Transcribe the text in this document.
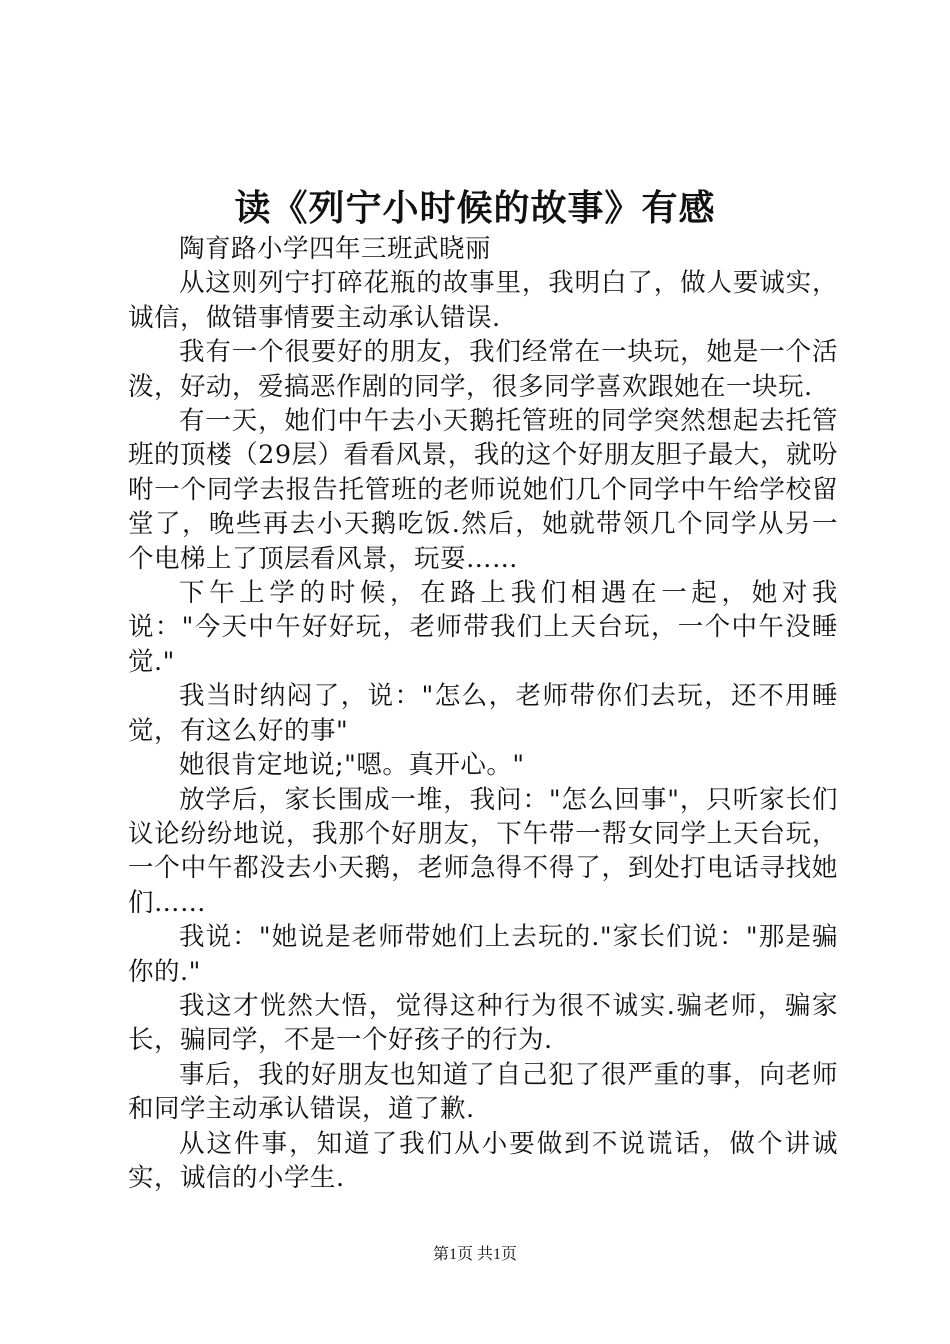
读《列宁小时候的故事》有感

陶育路小学四年三班武晓丽

从这则列宁打碎花瓶的故事里，我明白了，做人要诚实，诚信，做错事情要主动承认错误.

我有一个很要好的朋友，我们经常在一块玩，她是一个活泼，好动，爱搞恶作剧的同学，很多同学喜欢跟她在一块玩.

有一天，她们中午去小天鹅托管班的同学突然想起去托管班的顶楼（29层）看看风景，我的这个好朋友胆子最大，就吩咐一个同学去报告托管班的老师说她们几个同学中午给学校留堂了，晚些再去小天鹅吃饭.然后，她就带领几个同学从另一个电梯上了顶层看风景，玩耍……

下午上学的时候，在路上我们相遇在一起，她对我说："今天中午好好玩，老师带我们上天台玩，一个中午没睡觉."

我当时纳闷了，说："怎么，老师带你们去玩，还不用睡觉，有这么好的事"

她很肯定地说;"嗯。真开心。"

放学后，家长围成一堆，我问："怎么回事"，只听家长们议论纷纷地说，我那个好朋友，下午带一帮女同学上天台玩，一个中午都没去小天鹅，老师急得不得了，到处打电话寻找她们……

我说："她说是老师带她们上去玩的."家长们说："那是骗你的."

我这才恍然大悟，觉得这种行为很不诚实.骗老师，骗家长，骗同学，不是一个好孩子的行为.

事后，我的好朋友也知道了自己犯了很严重的事，向老师和同学主动承认错误，道了歉.

从这件事，知道了我们从小要做到不说谎话，做个讲诚实，诚信的小学生.

第1页 共1页
